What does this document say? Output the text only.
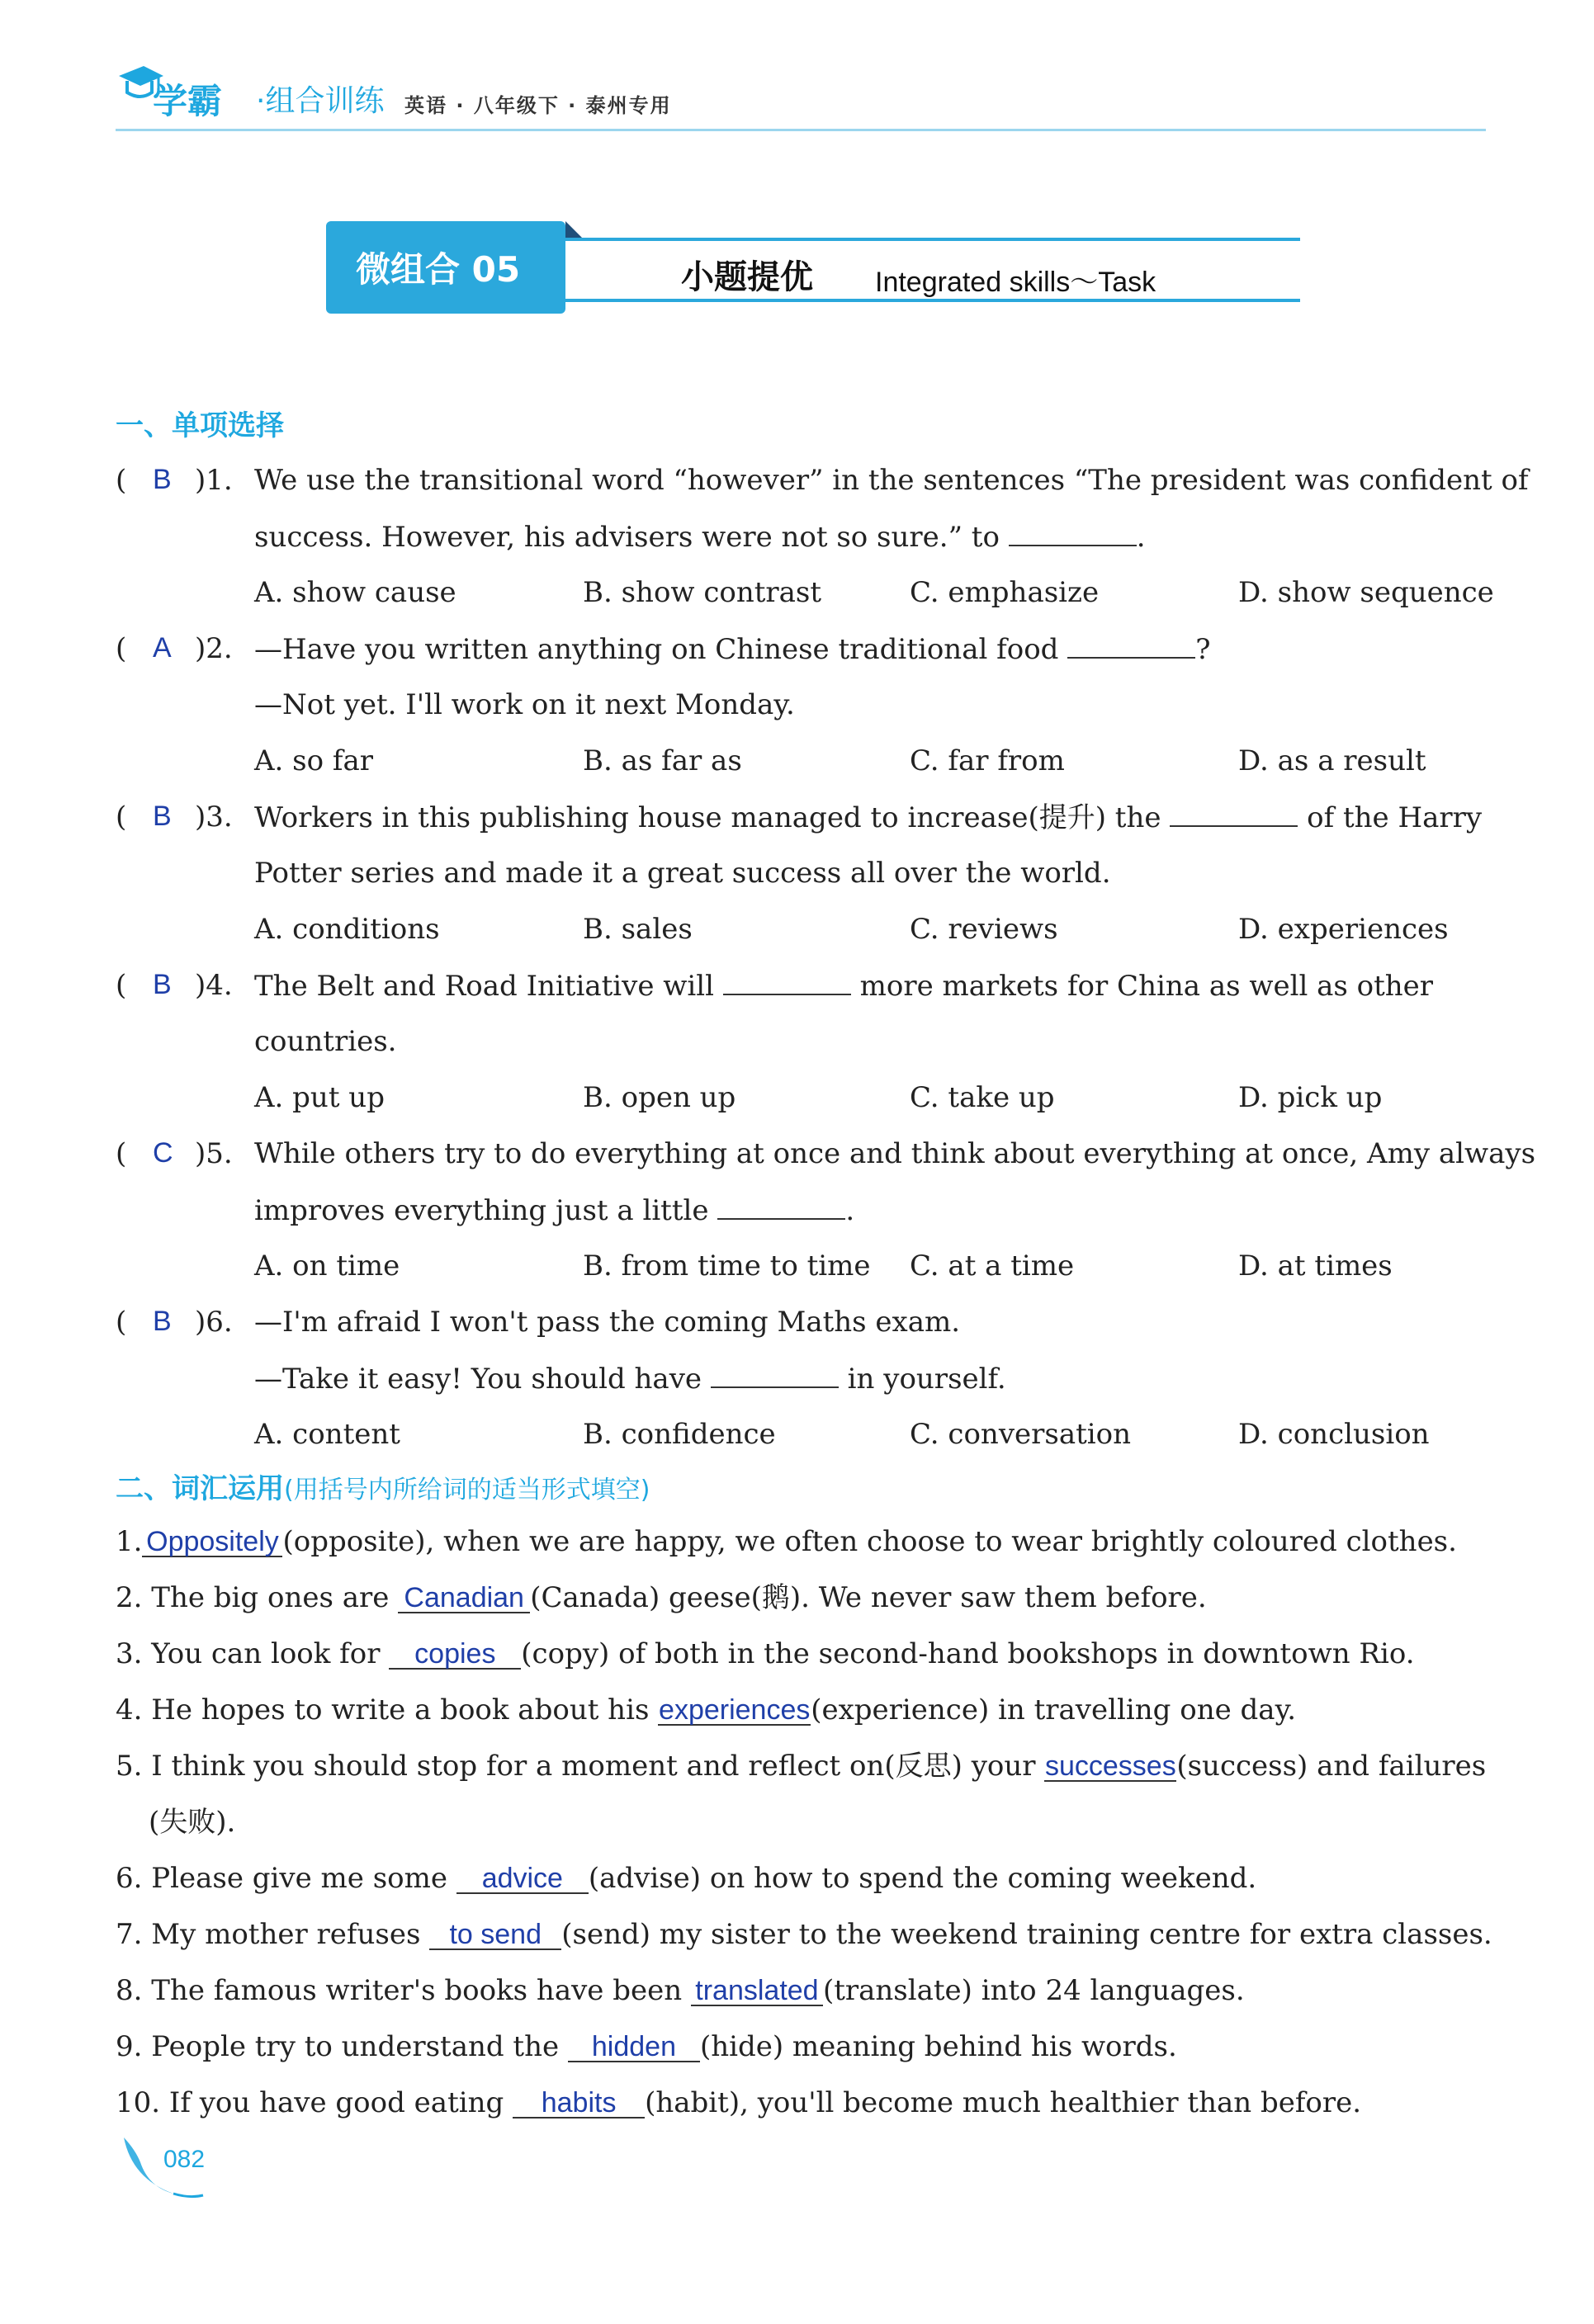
学霸 ·组合训练 英语 · 八年级下 · 泰州专用
微组合 05	小题提优 Integrated skills～Task
一、单项选择
( B )1. We use the transitional word “however” in the sentences “The president was confident of
success. However, his advisers were not so sure.” to	.
A. show cause	B. show contrast	C. emphasize	D. show sequence
( A )2. —Have you written anything on Chinese traditional food	?
—Not yet. I'll work on it next Monday.
A. so far	B. as far as	C. far from	D. as a result
( B )3. Workers in this publishing house managed to increase(提升) the	of the Harry
Potter series and made it a great success all over the world.
A. conditions	B. sales	C. reviews	D. experiences
( B )4. The Belt and Road Initiative will	more markets for China as well as other
countries.
A. put up	B. open up	C. take up	D. pick up
( C )5. While others try to do everything at once and think about everything at once, Amy always
improves everything just a little	.
A. on time	B. from time to time C. at a time	D. at times
( B )6. —I'm afraid I won't pass the coming Maths exam.
—Take it easy! You should have	in yourself.
A. content	B. confidence	C. conversation	D. conclusion
二、词汇运用(用括号内所给词的适当形式填空)
1. Oppositely (opposite), when we are happy, we often choose to wear brightly coloured clothes.
2. The big ones are Canadian (Canada) geese(鹅). We never saw them before.
3. You can look for copies (copy) of both in the second-hand bookshops in downtown Rio.
4. He hopes to write a book about his experiences(experience) in travelling one day.
5. I think you should stop for a moment and reflect on(反思) your successes(success) and failures
(失败).
6. Please give me some advice (advise) on how to spend the coming weekend.
7. My mother refuses to send (send) my sister to the weekend training centre for extra classes.
8. The famous writer's books have been translated (translate) into 24 languages.
9. People try to understand the hidden (hide) meaning behind his words.
10. If you have good eating habits (habit), you'll become much healthier than before.
082
